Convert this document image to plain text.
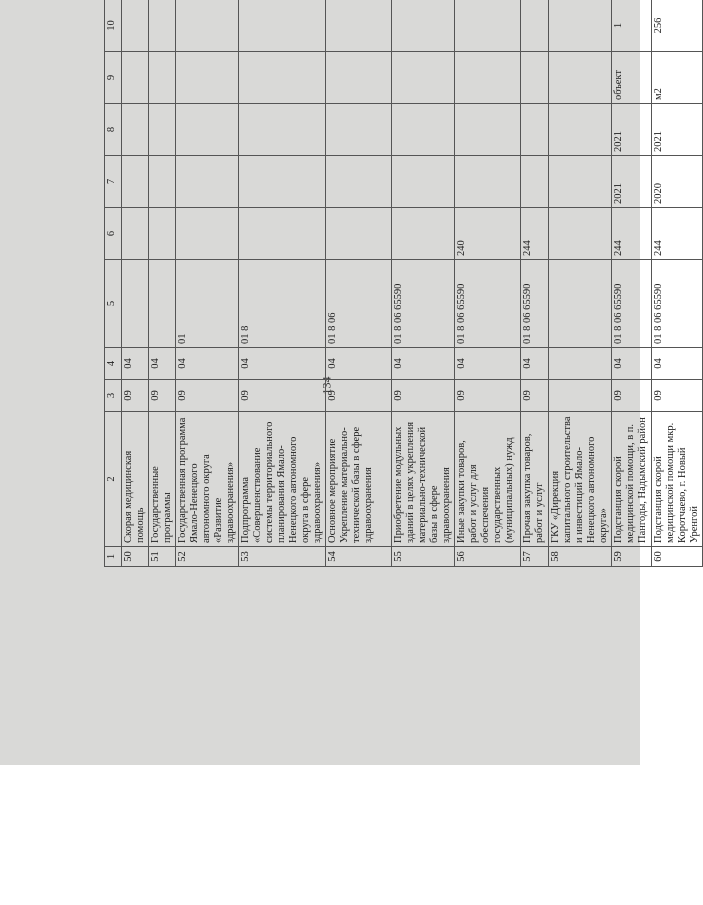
134
1	2	3	4	5	6	7	8	9	10	
50	Скорая медицинская помощь	09	04							
51	Государственные программы	09	04							
52	Государственная программа Ямало-Ненецкого автономного округа «Развитие здравоохранения»	09	04	01						
53	Подпрограмма «Совершенствование системы территориального планирования Ямало-Ненецкого автономного округа в сфере здравоохранения»	09	04	01 8						
54	Основное мероприятие Укрепление материально-технической базы в сфере здравоохранения	09	04	01 8 06						
55	Приобретение модульных зданий в целях укрепления материально-технической базы в сфере здравоохранения	09	04	01 8 06 65590						
56	Иные закупки товаров, работ и услуг для обеспечения государственных (муниципальных) нужд	09	04	01 8 06 65590	240					
57	Прочая закупка товаров, работ и услуг	09	04	01 8 06 65590	244					
58	ГКУ «Дирекция капитального строительства и инвестиций Ямало-Ненецкого автономного округа»									
59	Подстанция скорой медицинской помощи, в п. Пангоды, Надымский район	09	04	01 8 06 65590	244	2021	2021	объект	1	
60	Подстанция скорой медицинской помощи мкр. Коротчаево, г. Новый Уренгой	09	04	01 8 06 65590	244	2020	2021	м2	256	
